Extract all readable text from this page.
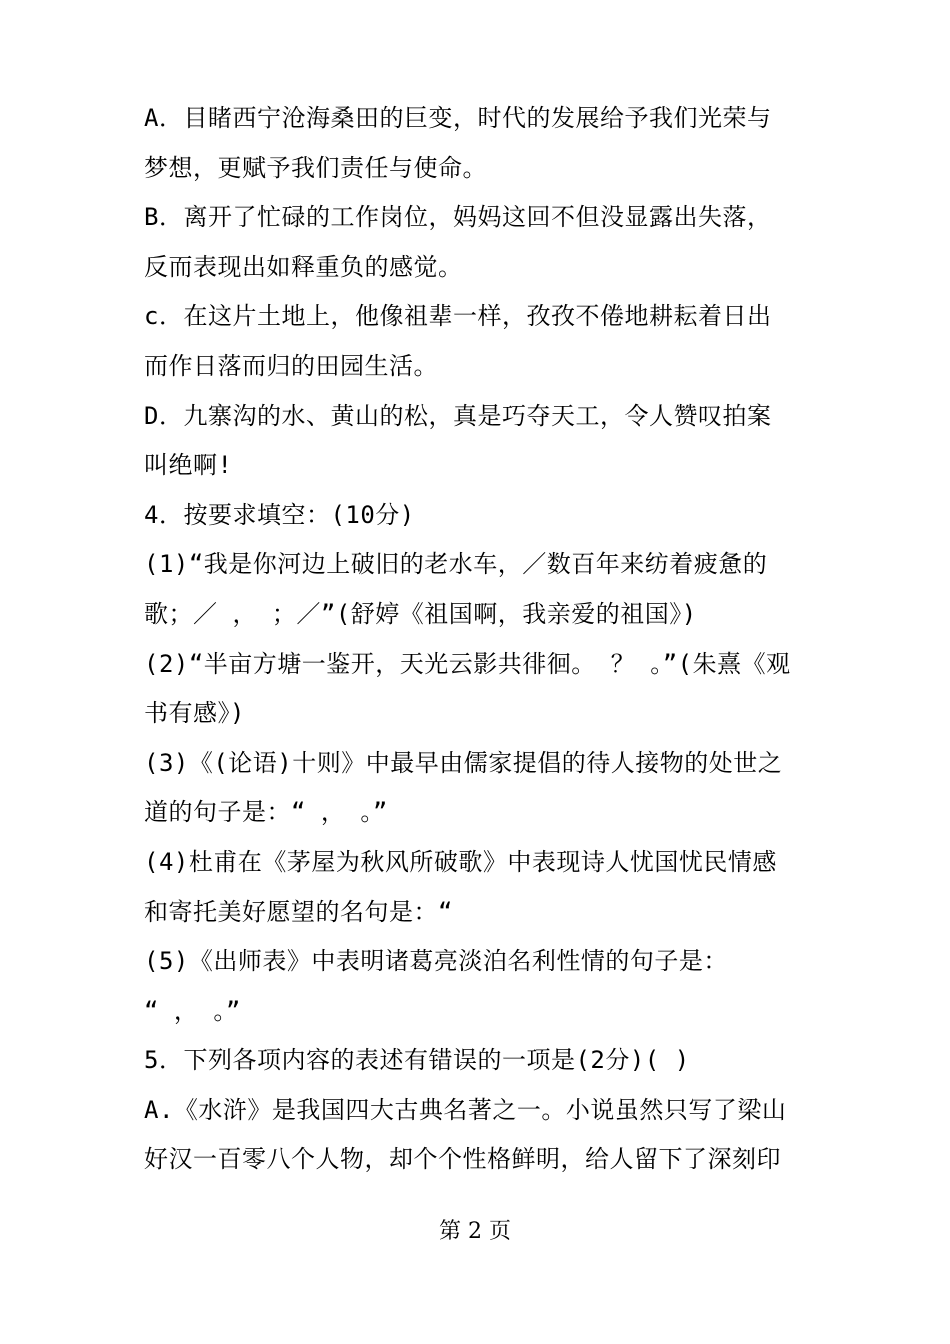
A．目睹西宁沧海桑田的巨变，时代的发展给予我们光荣与
梦想，更赋予我们责任与使命。
B．离开了忙碌的工作岗位，妈妈这回不但没显露出失落，
反而表现出如释重负的感觉。
c．在这片土地上，他像祖辈一样，孜孜不倦地耕耘着日出
而作日落而归的田园生活。
D．九寨沟的水、黄山的松，真是巧夺天工，令人赞叹拍案
叫绝啊!
4．按要求填空：(10分)
(1)“我是你河边上破旧的老水车，／数百年来纺着疲惫的
歌；／ ， ；／”(舒婷《祖国啊，我亲爱的祖国》)
(2)“半亩方塘一鉴开，天光云影共徘徊。 ？ 。”(朱熹《观
书有感》)
(3)《(论语)十则》中最早由儒家提倡的待人接物的处世之
道的句子是：“ ， 。”
(4)杜甫在《茅屋为秋风所破歌》中表现诗人忧国忧民情感
和寄托美好愿望的名句是：“
(5)《出师表》中表明诸葛亮淡泊名利性情的句子是：
“ ， 。”
5．下列各项内容的表述有错误的一项是(2分)( )
A.《水浒》是我国四大古典名著之一。小说虽然只写了梁山
好汉一百零八个人物，却个个性格鲜明，给人留下了深刻印
第 2 页
